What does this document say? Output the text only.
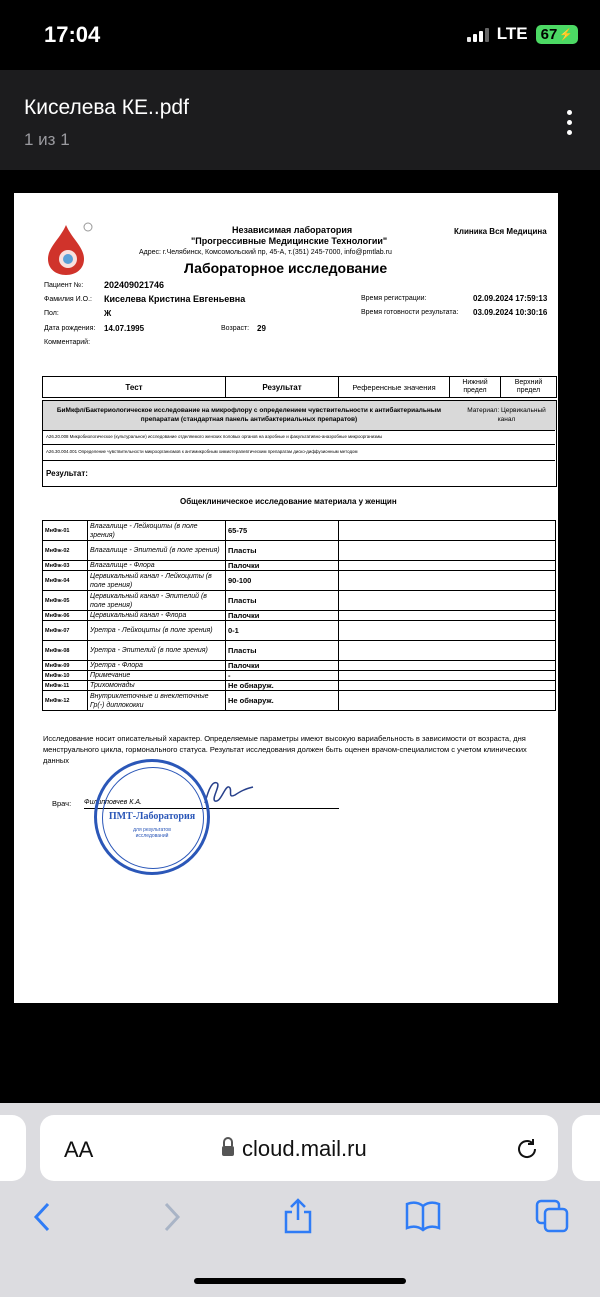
17:04	LTE 67 ⚡
Киселева КЕ..pdf
1 из 1
Независимая лаборатория
"Прогрессивные Медицинские Технологии"
Адрес: г.Челябинск, Комсомольский пр, 45-А, т.(351) 245-7000, info@pmtlab.ru
Клиника Вся Медицина
Лабораторное исследование
Пациент №: 202409021746
Фамилия И.О.: Киселева Кристина Евгеньевна
Пол:	Ж
Дата рождения: 14.07.1995	Возраст: 29
Комментарий:
Время регистрации:	02.09.2024 17:59:13
Время готовности результата: 03.09.2024 10:30:16
Тест	Результат	Референсные значения	Нижний предел	Верхний предел
БиМкфл/Бактериологическое исследование на микрофлору с определением чувствительности к антибактериальным препаратам (стандартная панель антибактериальных препаратов)
Материал: Цервикальный канал
A26.20.008 Микробиологическое (культуральное) исследование отделяемого женских половых органов на аэробные и факультативно-анаэробные микроорганизмы
A26.30.004.001 Определение чувствительности микроорганизмов к антимикробным химиотерапевтическим препаратам диско-диффузионным методом
Результат:
Общеклиническое исследование материала у женщин
МнФж-01	Влагалище - Лейкоциты (в поле зрения)	65-75	
МнФж-02	Влагалище - Эпителий (в поле зрения)	Пласты	
МнФж-03	Влагалище - Флора	Палочки	
МнФж-04	Цервикальный канал - Лейкоциты (в поле зрения)	90-100	
МнФж-05	Цервикальный канал - Эпителий (в поле зрения)	Пласты	
МнФж-06	Цервикальный канал - Флора	Палочки	
МнФж-07	Уретра - Лейкоциты (в поле зрения)	0-1	
МнФж-08	Уретра - Эпителий (в поле зрения)	Пласты	
МнФж-09	Уретра - Флора	Палочки	
МнФж-10	Примечание	-	
МнФж-11	Трихомонады	Не обнаруж.	
МнФж-12	Внутриклеточные и внеклеточные Гр(-) диплококки	Не обнаруж.	
Исследование носит описательный характер. Определяемые параметры имеют высокую вариабельность в зависимости от возраста, дня менструального цикла, гормонального статуса. Результат исследования должен быть оценен врачом-специалистом с учетом клинических данных
Врач: Филипповчев К.А.
ПМТ-Лаборатория
для результатов исследований
AA	cloud.mail.ru
